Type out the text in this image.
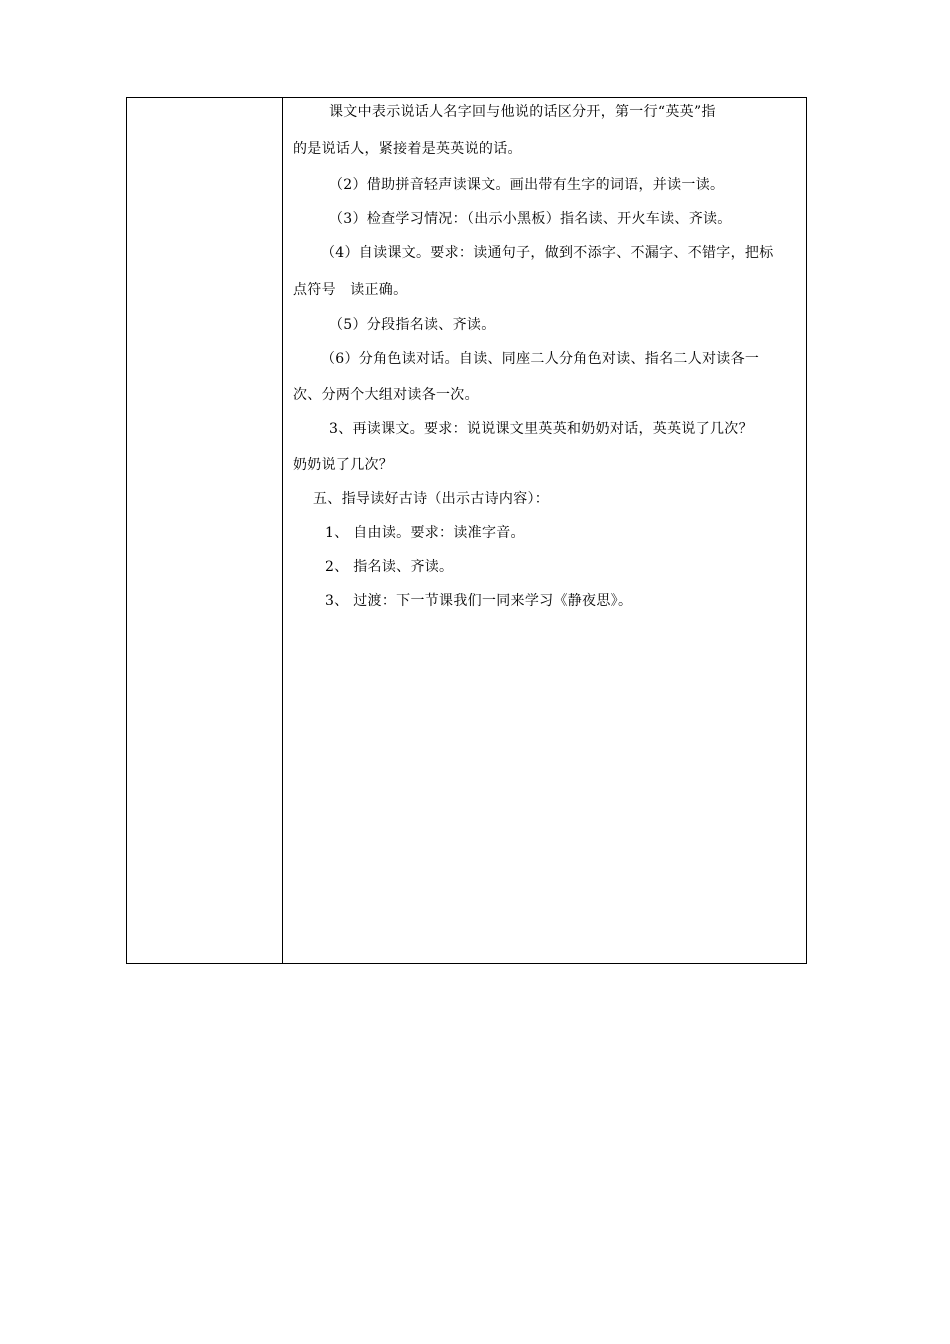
课文中表示说话人名字回与他说的话区分开，第一行“英英”指
的是说话人，紧接着是英英说的话。
（2）借助拼音轻声读课文。画出带有生字的词语，并读一读。
（3）检查学习情况：（出示小黑板）指名读、开火车读、齐读。
（4）自读课文。要求：读通句子，做到不添字、不漏字、不错字，把标
点符号　读正确。
（5）分段指名读、齐读。
（6）分角色读对话。自读、同座二人分角色对读、指名二人对读各一
次、分两个大组对读各一次。
3、再读课文。要求：说说课文里英英和奶奶对话，英英说了几次？
奶奶说了几次？
五、指导读好古诗（出示古诗内容）：
1、 自由读。要求：读准字音。
2、 指名读、齐读。
3、 过渡：下一节课我们一同来学习《静夜思》。
